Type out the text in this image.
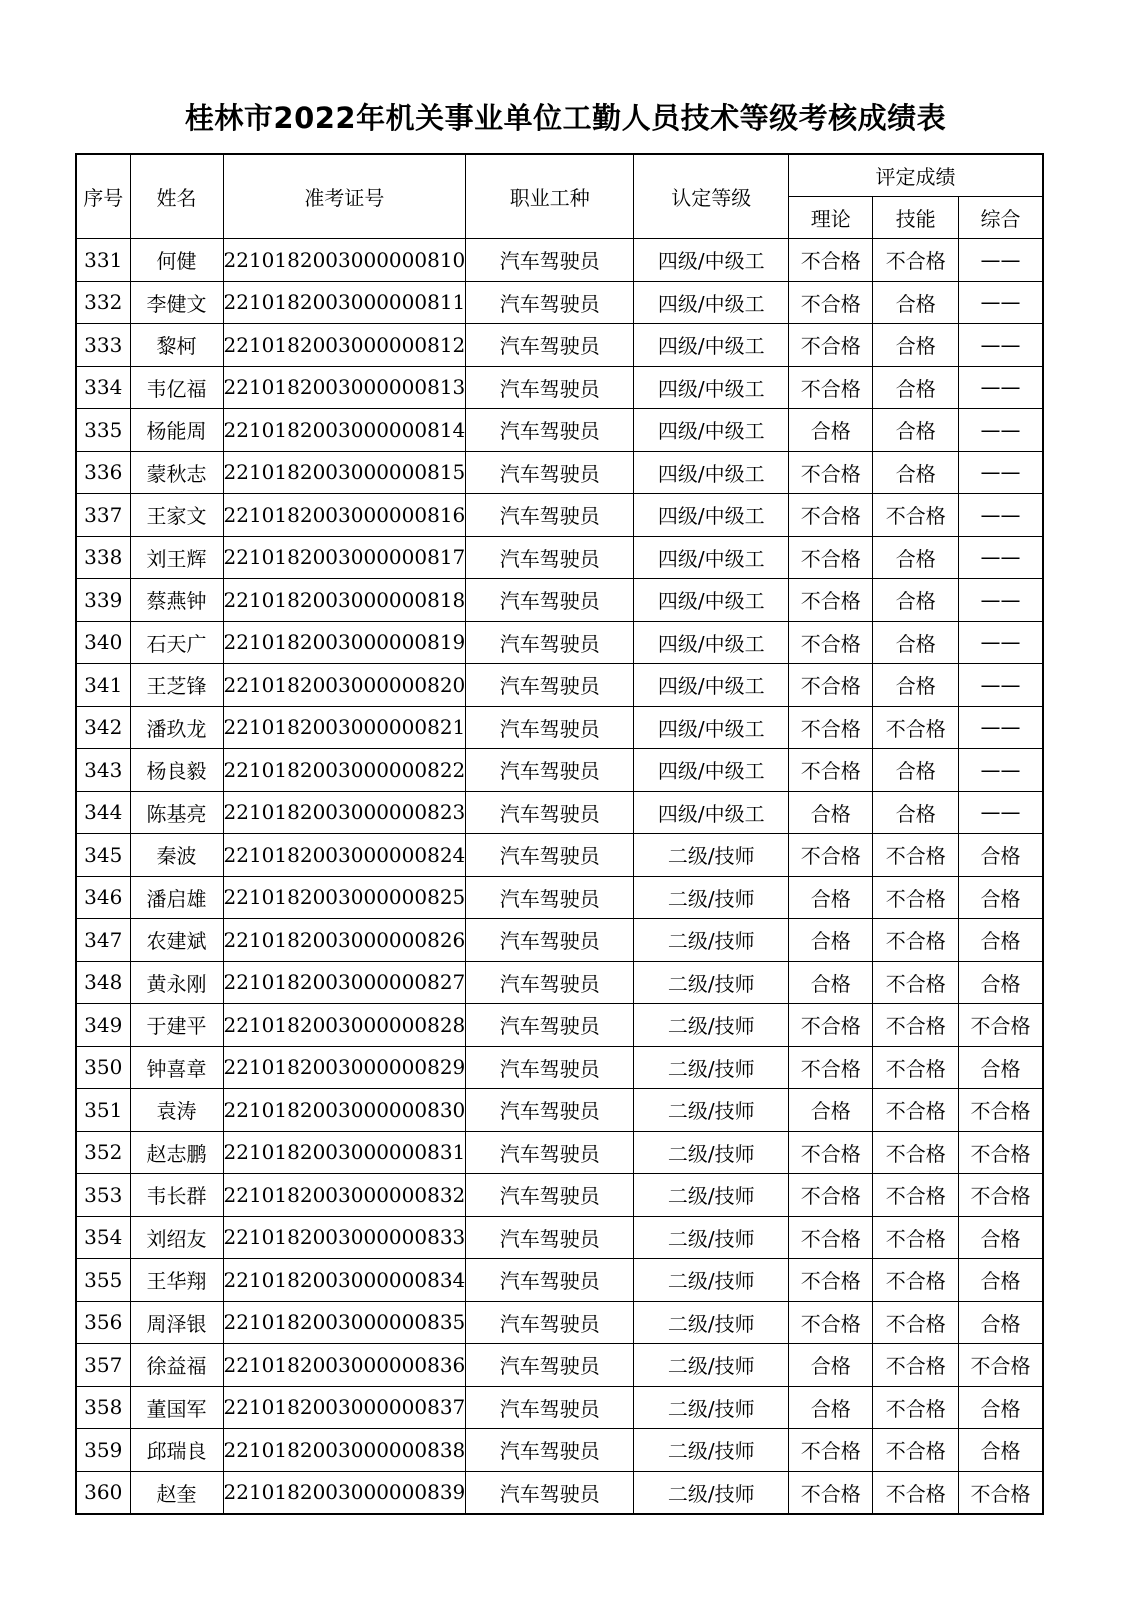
桂林市2022年机关事业单位工勤人员技术等级考核成绩表
序号	姓名	准考证号	职业工种	认定等级	评定成绩		
					理论	技能	综合
331	何健	2210182003000000810	汽车驾驶员	四级/中级工	不合格	不合格	——
332	李健文	2210182003000000811	汽车驾驶员	四级/中级工	不合格	合格	——
333	黎柯	2210182003000000812	汽车驾驶员	四级/中级工	不合格	合格	——
334	韦亿福	2210182003000000813	汽车驾驶员	四级/中级工	不合格	合格	——
335	杨能周	2210182003000000814	汽车驾驶员	四级/中级工	合格	合格	——
336	蒙秋志	2210182003000000815	汽车驾驶员	四级/中级工	不合格	合格	——
337	王家文	2210182003000000816	汽车驾驶员	四级/中级工	不合格	不合格	——
338	刘王辉	2210182003000000817	汽车驾驶员	四级/中级工	不合格	合格	——
339	蔡燕钟	2210182003000000818	汽车驾驶员	四级/中级工	不合格	合格	——
340	石天广	2210182003000000819	汽车驾驶员	四级/中级工	不合格	合格	——
341	王芝锋	2210182003000000820	汽车驾驶员	四级/中级工	不合格	合格	——
342	潘玖龙	2210182003000000821	汽车驾驶员	四级/中级工	不合格	不合格	——
343	杨良毅	2210182003000000822	汽车驾驶员	四级/中级工	不合格	合格	——
344	陈基亮	2210182003000000823	汽车驾驶员	四级/中级工	合格	合格	——
345	秦波	2210182003000000824	汽车驾驶员	二级/技师	不合格	不合格	合格
346	潘启雄	2210182003000000825	汽车驾驶员	二级/技师	合格	不合格	合格
347	农建斌	2210182003000000826	汽车驾驶员	二级/技师	合格	不合格	合格
348	黄永刚	2210182003000000827	汽车驾驶员	二级/技师	合格	不合格	合格
349	于建平	2210182003000000828	汽车驾驶员	二级/技师	不合格	不合格	不合格
350	钟喜章	2210182003000000829	汽车驾驶员	二级/技师	不合格	不合格	合格
351	袁涛	2210182003000000830	汽车驾驶员	二级/技师	合格	不合格	不合格
352	赵志鹏	2210182003000000831	汽车驾驶员	二级/技师	不合格	不合格	不合格
353	韦长群	2210182003000000832	汽车驾驶员	二级/技师	不合格	不合格	不合格
354	刘绍友	2210182003000000833	汽车驾驶员	二级/技师	不合格	不合格	合格
355	王华翔	2210182003000000834	汽车驾驶员	二级/技师	不合格	不合格	合格
356	周泽银	2210182003000000835	汽车驾驶员	二级/技师	不合格	不合格	合格
357	徐益福	2210182003000000836	汽车驾驶员	二级/技师	合格	不合格	不合格
358	董国军	2210182003000000837	汽车驾驶员	二级/技师	合格	不合格	合格
359	邱瑞良	2210182003000000838	汽车驾驶员	二级/技师	不合格	不合格	合格
360	赵奎	2210182003000000839	汽车驾驶员	二级/技师	不合格	不合格	不合格
